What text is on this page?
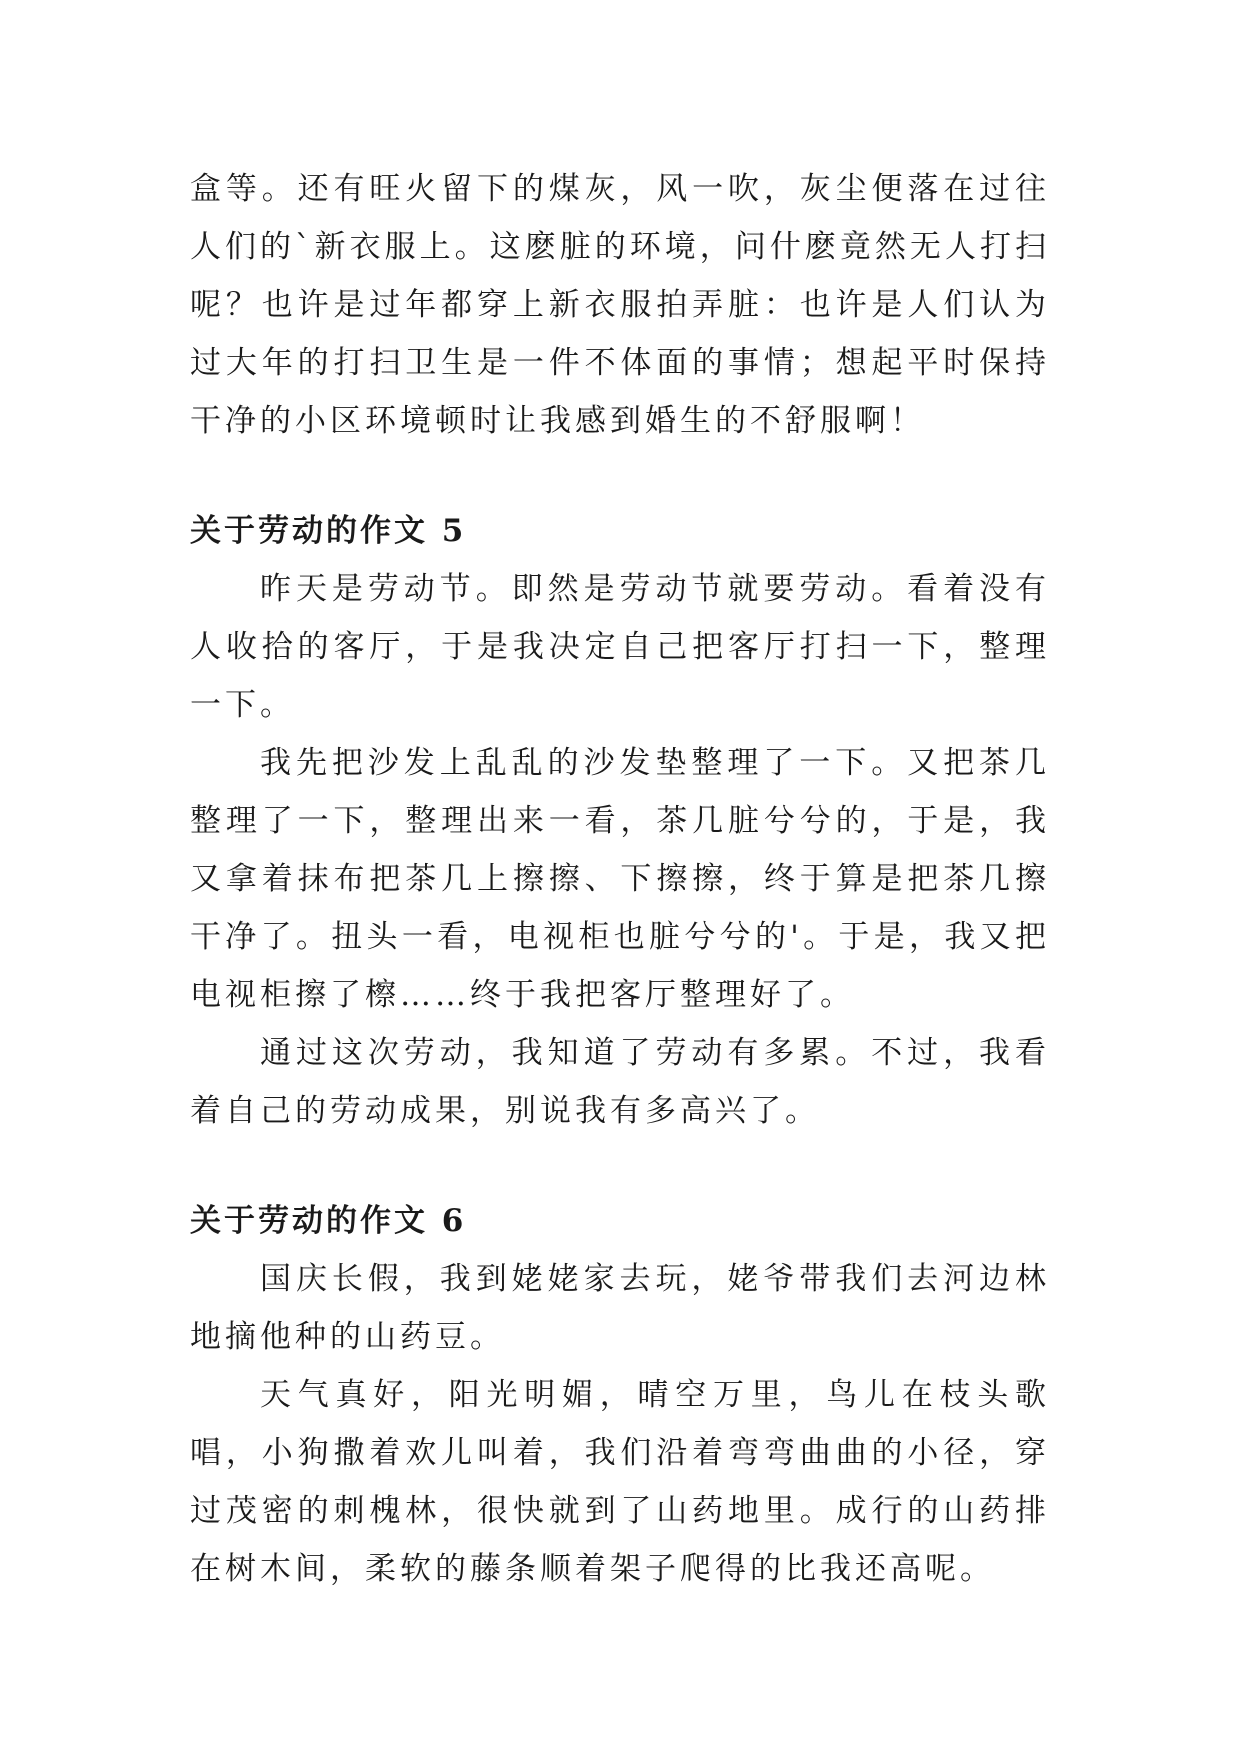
盒等。还有旺火留下的煤灰，风一吹，灰尘便落在过往人们的`新衣服上。这麽脏的环境，问什麽竟然无人打扫呢？也许是过年都穿上新衣服拍弄脏：也许是人们认为过大年的打扫卫生是一件不体面的事情；想起平时保持干净的小区环境顿时让我感到婚生的不舒服啊！

关于劳动的作文 5

昨天是劳动节。即然是劳动节就要劳动。看着没有人收拾的客厅，于是我决定自己把客厅打扫一下，整理一下。

我先把沙发上乱乱的沙发垫整理了一下。又把茶几整理了一下，整理出来一看，茶几脏兮兮的，于是，我又拿着抹布把茶几上擦擦、下擦擦，终于算是把茶几擦干净了。扭头一看，电视柜也脏兮兮的'。于是，我又把电视柜擦了檫……终于我把客厅整理好了。

通过这次劳动，我知道了劳动有多累。不过，我看着自己的劳动成果，别说我有多高兴了。

关于劳动的作文 6

国庆长假，我到姥姥家去玩，姥爷带我们去河边林地摘他种的山药豆。

天气真好，阳光明媚，晴空万里，鸟儿在枝头歌唱，小狗撒着欢儿叫着，我们沿着弯弯曲曲的小径，穿过茂密的刺槐林，很快就到了山药地里。成行的山药排在树木间，柔软的藤条顺着架子爬得的比我还高呢。
